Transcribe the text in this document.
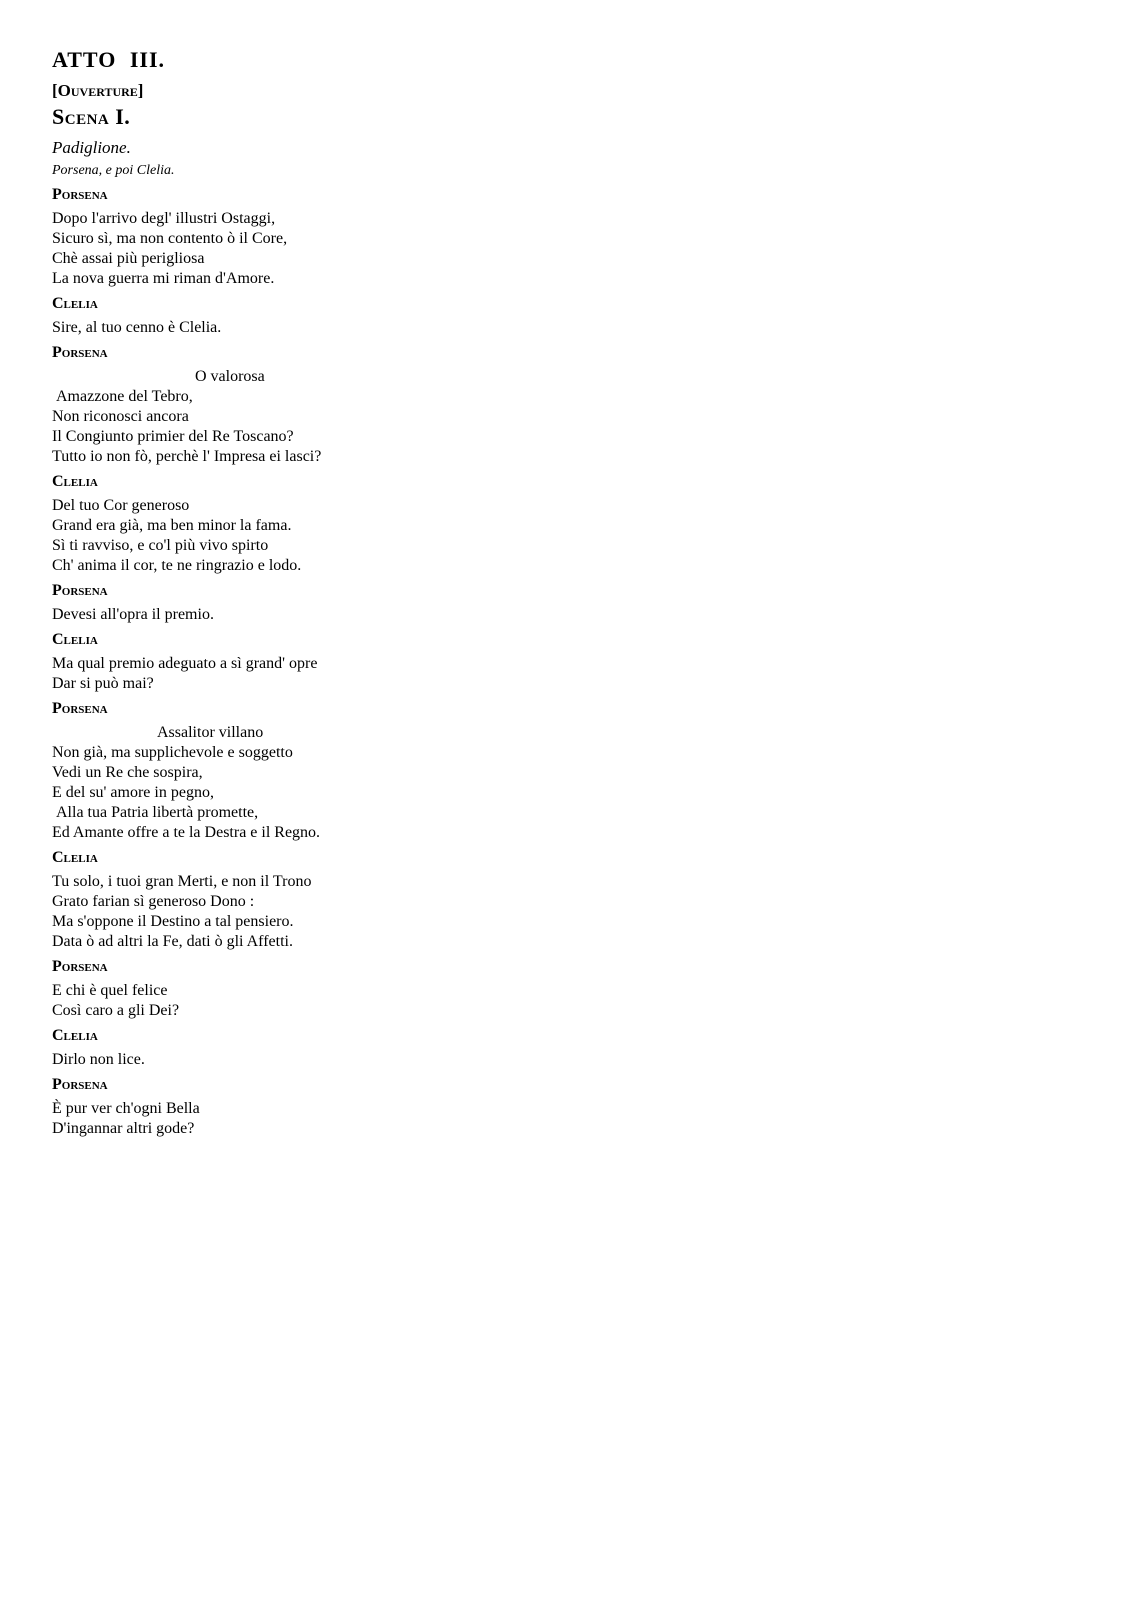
ATTO III.

[Ouverture]

Scena I.

Padiglione.

Porsena, e poi Clelia.

Porsena
Dopo l'arrivo degl' illustri Ostaggi,
Sicuro sì, ma non contento ò il Core,
Chè assai più perigliosa
La nova guerra mi riman d'Amore.
Clelia
Sire, al tuo cenno è Clelia.
Porsena
O valorosa
Amazzone del Tebro,
Non riconosci ancora
Il Congiunto primier del Re Toscano?
Tutto io non fò, perchè l' Impresa ei lasci?
Clelia
Del tuo Cor generoso
Grand era già, ma ben minor la fama.
Sì ti ravviso, e co'l più vivo spirto
Ch' anima il cor, te ne ringrazio e lodo.
Porsena
Devesi all'opra il premio.
Clelia
Ma qual premio adeguato a sì grand' opre
Dar si può mai?
Porsena
Assalitor villano
Non già, ma supplichevole e soggetto
Vedi un Re che sospira,
E del su' amore in pegno,
Alla tua Patria libertà promette,
Ed Amante offre a te la Destra e il Regno.
Clelia
Tu solo, i tuoi gran Merti, e non il Trono
Grato farian sì generoso Dono :
Ma s'oppone il Destino a tal pensiero.
Data ò ad altri la Fe, dati ò gli Affetti.
Porsena
E chi è quel felice
Così caro a gli Dei?
Clelia
Dirlo non lice.
Porsena
È pur ver ch'ogni Bella
D'ingannar altri gode?
